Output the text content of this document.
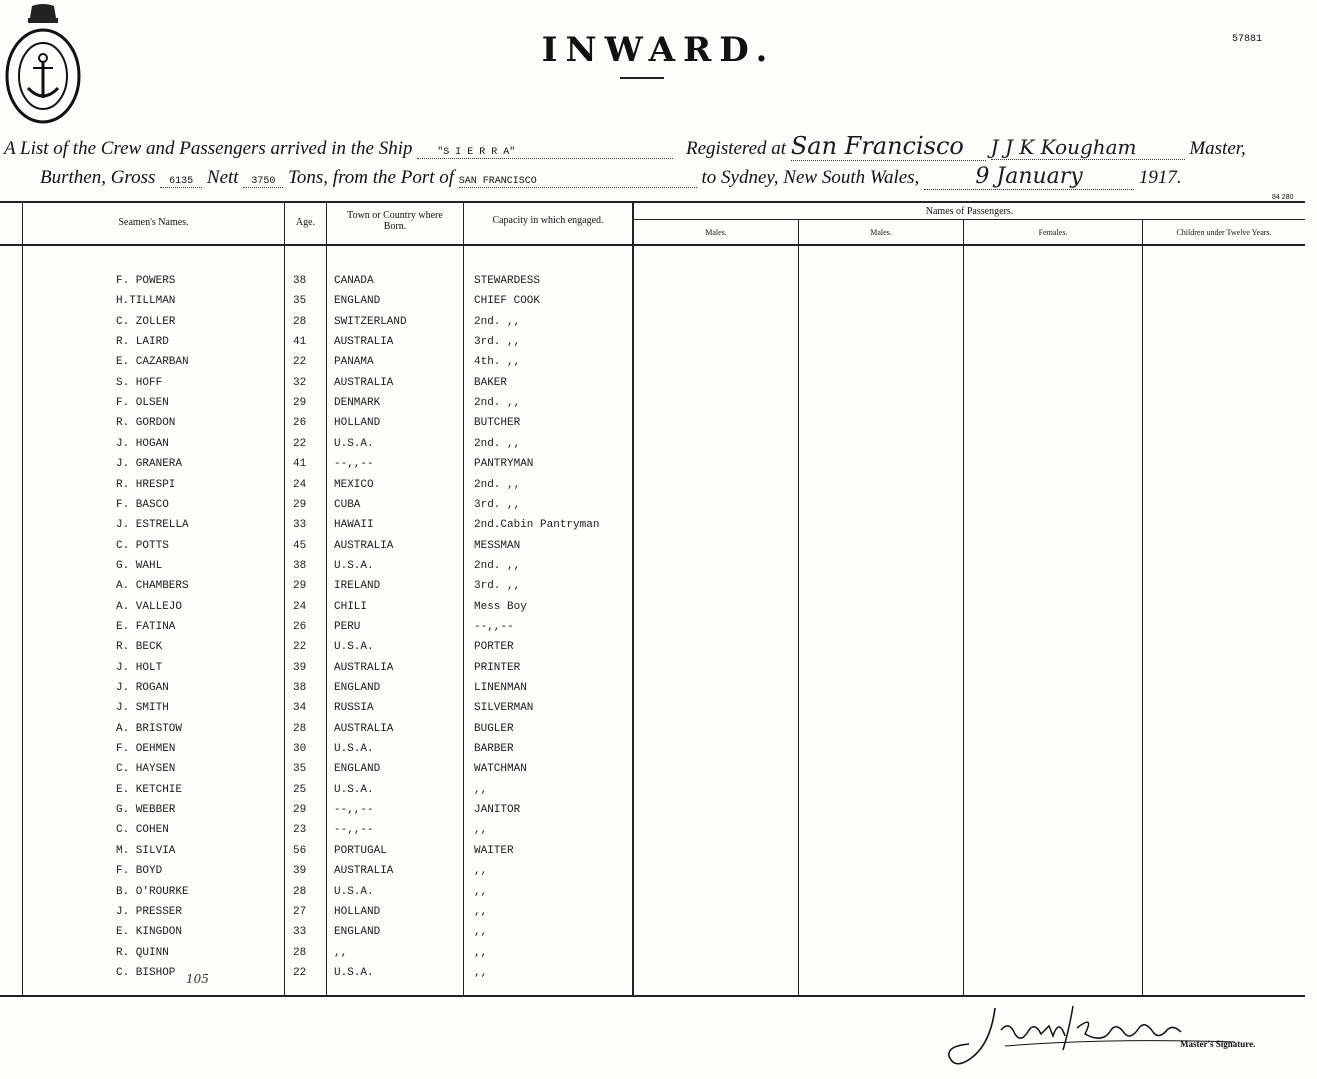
INWARD.	57881
A List of the Crew and Passengers arrived in the Ship "S I E R R A"	Registered at San Francisco J J K Kougham	Master,
Burthen, Gross 6135 Nett 3750 Tons, from the Port of SAN FRANCISCO	to Sydney, New South Wales,	9 January	1917.
84 280
Seamen's Names.	Age.
Town or Country where Born.
Capacity in which engaged.
Names of Passengers.
Males.	Males.	Females.	Children under Twelve Years.
F. POWERS	38	CANADA	STEWARDESS
H.TILLMAN	35	ENGLAND	CHIEF COOK
C. ZOLLER	28	SWITZERLAND	2nd. ,,
R. LAIRD	41	AUSTRALIA	3rd. ,,
E. CAZARBAN	22	PANAMA	4th. ,,
S. HOFF	32	AUSTRALIA	BAKER
F. OLSEN	29	DENMARK	2nd. ,,
R. GORDON	26	HOLLAND	BUTCHER
J. HOGAN	22	U.S.A.	2nd. ,,
J. GRANERA	41	--,,--	PANTRYMAN
R. HRESPI	24	MEXICO	2nd. ,,
F. BASCO	29	CUBA	3rd. ,,
J. ESTRELLA	33	HAWAII	2nd.Cabin Pantryman
C. POTTS	45	AUSTRALIA	MESSMAN
G. WAHL	38	U.S.A.	2nd. ,,
A. CHAMBERS	29	IRELAND	3rd. ,,
A. VALLEJO	24	CHILI	Mess Boy
E. FATINA	26	PERU	--,,--
R. BECK	22	U.S.A.	PORTER
J. HOLT	39	AUSTRALIA	PRINTER
J. ROGAN	38	ENGLAND	LINENMAN
J. SMITH	34	RUSSIA	SILVERMAN
A. BRISTOW	28	AUSTRALIA	BUGLER
F. OEHMEN	30	U.S.A.	BARBER
C. HAYSEN	35	ENGLAND	WATCHMAN
E. KETCHIE	25	U.S.A.	,,
G. WEBBER	29	--,,--	JANITOR
C. COHEN	23	--,,--	,,
M. SILVIA	56	PORTUGAL	WAITER
F. BOYD	39	AUSTRALIA	,,
B. O'ROURKE	28	U.S.A.	,,
J. PRESSER	27	HOLLAND	,,
E. KINGDON	33	ENGLAND	,,
R. QUINN	28	,,	,,
C. BISHOP	22	U.S.A.	,,
105
Master's Signature.
